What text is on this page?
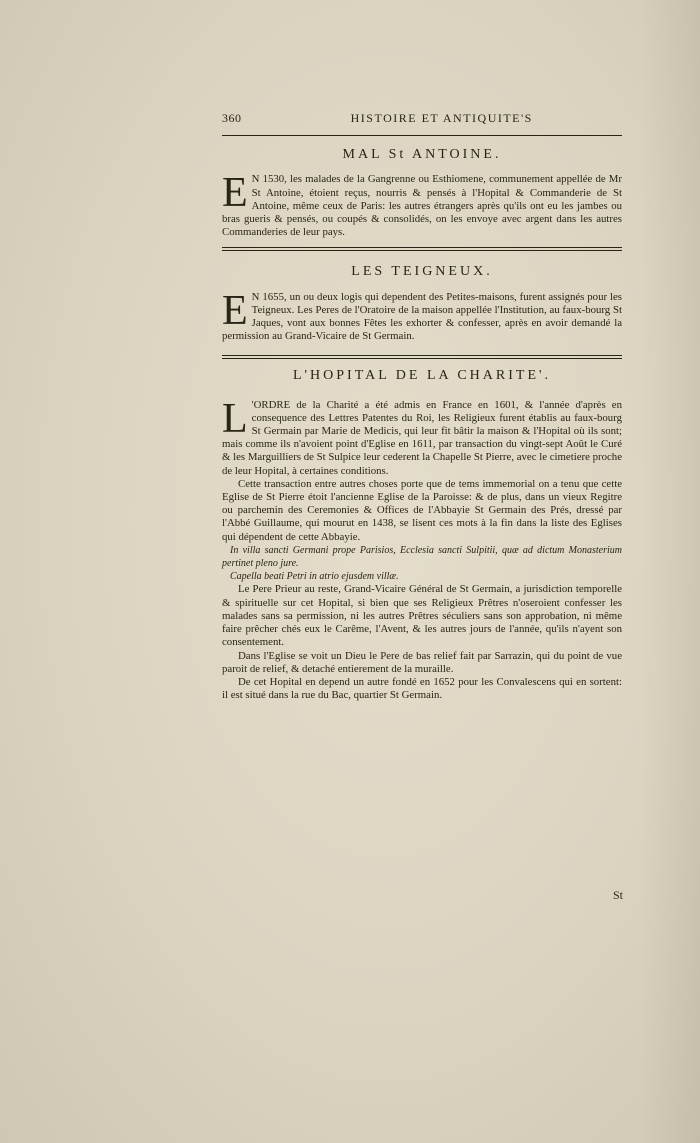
360	HISTOIRE ET ANTIQUITE'S
MAL St ANTOINE.

E N 1530, les malades de la Gangrenne ou Esthiomene, communement appellée de Mr St Antoine, étoient reçus, nourris & pensés à l'Hopital & Commanderie de St Antoine, même ceux de Paris: les autres étrangers après qu'ils ont eu les jambes ou bras gueris & pensés, ou coupés & consolidés, on les envoye avec argent dans les autres Commanderies de leur pays.

LES TEIGNEUX.

E N 1655, un ou deux logis qui dependent des Petites-maisons, furent assignés pour les Teigneux. Les Peres de l'Oratoire de la maison appellée l'Institution, au faux-bourg St Jaques, vont aux bonnes Fêtes les exhorter & confesser, après en avoir demandé la permission au Grand-Vicaire de St Germain.

L'HOPITAL DE LA CHARITE'.

L 'ORDRE de la Charité a été admis en France en 1601, & l'année d'après en consequence des Lettres Patentes du Roi, les Religieux furent établis au faux-bourg St Germain par Marie de Medicis, qui leur fit bâtir la maison & l'Hopital où ils sont; mais comme ils n'avoient point d'Eglise en 1611, par transaction du vingt-sept Août le Curé & les Marguilliers de St Sulpice leur cederent la Chapelle St Pierre, avec le cimetiere proche de leur Hopital, à certaines conditions.

Cette transaction entre autres choses porte que de tems immemorial on a tenu que cette Eglise de St Pierre étoit l'ancienne Eglise de la Paroisse: & de plus, dans un vieux Regitre ou parchemin des Ceremonies & Offices de l'Abbayie St Germain des Prés, dressé par l'Abbé Guillaume, qui mourut en 1438, se lisent ces mots à la fin dans la liste des Eglises qui dépendent de cette Abbayie.

In villa sancti Germani prope Parisios, Ecclesia sancti Sulpitii, quæ ad dictum Monasterium pertinet pleno jure.

Capella beati Petri in atrio ejusdem villæ.

Le Pere Prieur au reste, Grand-Vicaire Général de St Germain, a jurisdiction temporelle & spirituelle sur cet Hopital, si bien que ses Religieux Prêtres n'oseroient confesser les malades sans sa permission, ni les autres Prêtres séculiers sans son approbation, ni même faire prêcher chés eux le Carême, l'Avent, & les autres jours de l'année, qu'ils n'ayent son consentement.

Dans l'Eglise se voit un Dieu le Pere de bas relief fait par Sarrazin, qui du point de vue paroit de relief, & detaché entierement de la muraille.

De cet Hopital en depend un autre fondé en 1652 pour les Convalescens qui en sortent: il est situé dans la rue du Bac, quartier St Germain.

St
